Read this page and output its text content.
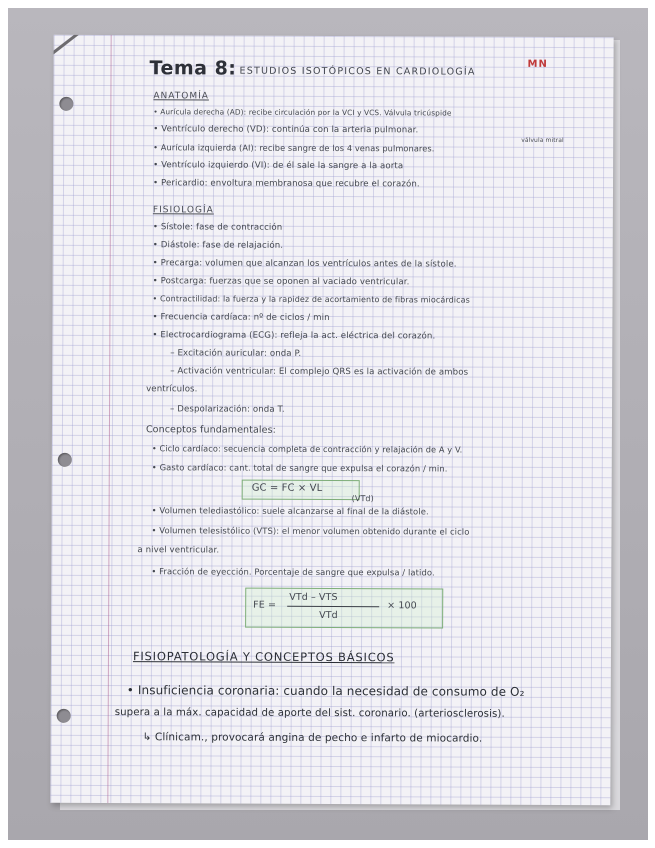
Tema 8: ESTUDIOS ISOTÓPICOS EN CARDIOLOGÍA
MN
ANATOMÍA
• Aurícula derecha (AD): recibe circulación por la VCI y VCS. Válvula tricúspide
• Ventrículo derecho (VD): continúa con la arteria pulmonar.
válvula mitral
• Aurícula izquierda (AI): recibe sangre de los 4 venas pulmonares.
• Ventrículo izquierdo (VI): de él sale la sangre a la aorta
• Pericardio: envoltura membranosa que recubre el corazón.
FISIOLOGÍA
• Sístole: fase de contracción
• Diástole: fase de relajación.
• Precarga: volumen que alcanzan los ventrículos antes de la sístole.
• Postcarga: fuerzas que se oponen al vaciado ventricular.
• Contractilidad: la fuerza y la rapidez de acortamiento de fibras miocárdicas
• Frecuencia cardíaca: nº de ciclos / min
• Electrocardiograma (ECG): refleja la act. eléctrica del corazón.
– Excitación auricular: onda P.
– Activación ventricular: El complejo QRS es la activación de ambos
ventrículos.
– Despolarización: onda T.
Conceptos fundamentales:
• Ciclo cardíaco: secuencia completa de contracción y relajación de A y V.
• Gasto cardíaco: cant. total de sangre que expulsa el corazón / min.
GC = FC × VL
(VTd)
• Volumen telediastólico: suele alcanzarse al final de la diástole.
• Volumen telesistólico (VTS): el menor volumen obtenido durante el ciclo
a nivel ventricular.
• Fracción de eyección. Porcentaje de sangre que expulsa / latido.
FE =
VTd – VTS
VTd
× 100
FISIOPATOLOGÍA Y CONCEPTOS BÁSICOS
• Insuficiencia coronaria: cuando la necesidad de consumo de O₂
supera a la máx. capacidad de aporte del sist. coronario. (arteriosclerosis).
↳ Clínicam., provocará angina de pecho e infarto de miocardio.
